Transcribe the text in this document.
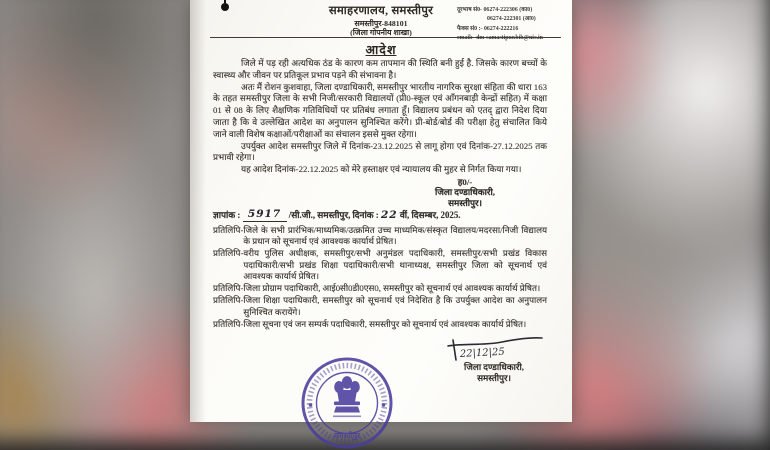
समाहरणालय, समस्तीपुर
समस्तीपुर-848101
(जिला गोपनीय शाखा)
दूरभाष सं0- 06274-222306 (का0)
06274-222301 (आ0)
फैक्स सं0 :- 06274-222216
email:- dm-samastipur.bih@nic.in
आदेश

जिले में पड़ रही अत्यधिक ठंड के कारण कम तापमान की स्थिति बनी हुई है. जिसके कारण बच्चों के स्वास्थ्य और जीवन पर प्रतिकूल प्रभाव पड़ने की संभावना है।

अतः मैं रोशन कुशवाहा, जिला दण्डाधिकारी, समस्तीपुर भारतीय नागरिक सुरक्षा संहिता की धारा 163 के तहत समस्तीपुर जिला के सभी निजी/सरकारी विद्यालयों (प्री0-स्कूल एवं आँगनबाड़ी केन्द्रों सहित) में कक्षा 01 से 08 के लिए शैक्षणिक गतिविधियों पर प्रतिबंध लगाता हूँ। विद्यालय प्रबंधन को एतद् द्वारा निदेश दिया जाता है कि वे उल्लेखित आदेश का अनुपालन सुनिश्चित करेंगे। प्री-बोर्ड/बोर्ड की परीक्षा हेतु संचालित किये जाने वाली विशेष कक्षाओं/परीक्षाओं का संचालन इससे मुक्त रहेगा।

उपर्युक्त आदेश समस्तीपुर जिले में दिनांक-23.12.2025 से लागू होगा एवं दिनांक-27.12.2025 तक प्रभावी रहेगा।

यह आदेश दिनांक-22.12.2025 को मेरे हस्ताक्षर एवं न्यायालय की मुहर से निर्गत किया गया।

ह0/-
जिला दण्डाधिकारी,
समस्तीपुर।
ज्ञापांक : 5917 /सी.जी., समस्तीपुर, दिनांक : 22 वीं, दिसम्बर, 2025.
प्रतिलिपि- जिले के सभी प्रारंभिक/माध्यमिक/उत्क्रमित उच्च माध्यमिक/संस्कृत विद्यालय/मदरसा/निजी विद्यालय के प्रधान को सूचनार्थ एवं आवश्यक कार्यार्थ प्रेषित।
प्रतिलिपि- वरीय पुलिस अधीक्षक, समस्तीपुर/सभी अनुमंडल पदाधिकारी, समस्तीपुर/सभी प्रखंड विकास पदाधिकारी/सभी प्रखंड शिक्षा पदाधिकारी/सभी थानाध्यक्ष, समस्तीपुर जिला को सूचनार्थ एवं आवश्यक कार्यार्थ प्रेषित।
प्रतिलिपि- जिला प्रोग्राम पदाधिकारी, आई0सी0डी0एस0, समस्तीपुर को सूचनार्थ एवं आवश्यक कार्यार्थ प्रेषित।
प्रतिलिपि- जिला शिक्षा पदाधिकारी, समस्तीपुर को सूचनार्थ एवं निदेशित है कि उपर्युक्त आदेश का अनुपालन सुनिश्चित करायेंगे।
प्रतिलिपि- जिला सूचना एवं जन सम्पर्क पदाधिकारी, समस्तीपुर को सूचनार्थ एवं आवश्यक कार्यार्थ प्रेषित।
22|12|25
जिला दण्डाधिकारी,
समस्तीपुर।
समस्तीपुर
